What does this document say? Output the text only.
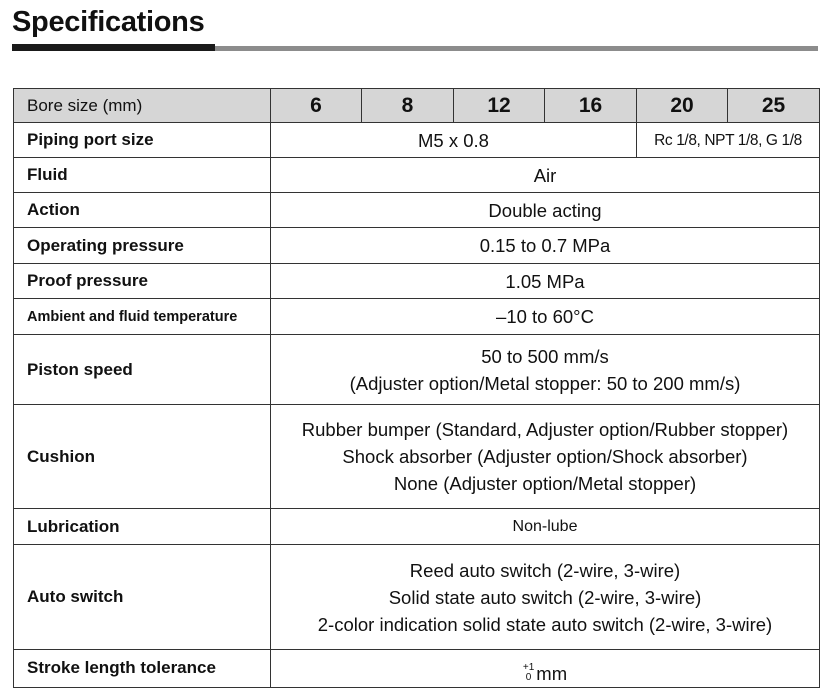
Specifications
Bore size (mm)	6	8	12	16	20	25
Piping port size	M5 x 0.8				Rc 1/8, NPT 1/8, G 1/8	
Fluid	Air					
Action	Double acting					
Operating pressure	0.15 to 0.7 MPa					
Proof pressure	1.05 MPa					
Ambient and fluid temperature	–10 to 60°C					
Piston speed	50 to 500 mm/s
(Adjuster option/Metal stopper: 50 to 200 mm/s)					

Cushion	Rubber bumper (Standard, Adjuster option/Rubber stopper)
Shock absorber (Adjuster option/Shock absorber)
None (Adjuster option/Metal stopper)					

Lubrication	Non-lube					
Auto switch	Reed auto switch (2-wire, 3-wire)
Solid state auto switch (2-wire, 3-wire)
2-color indication solid state auto switch (2-wire, 3-wire)					

Stroke length tolerance	+1
0 mm					
